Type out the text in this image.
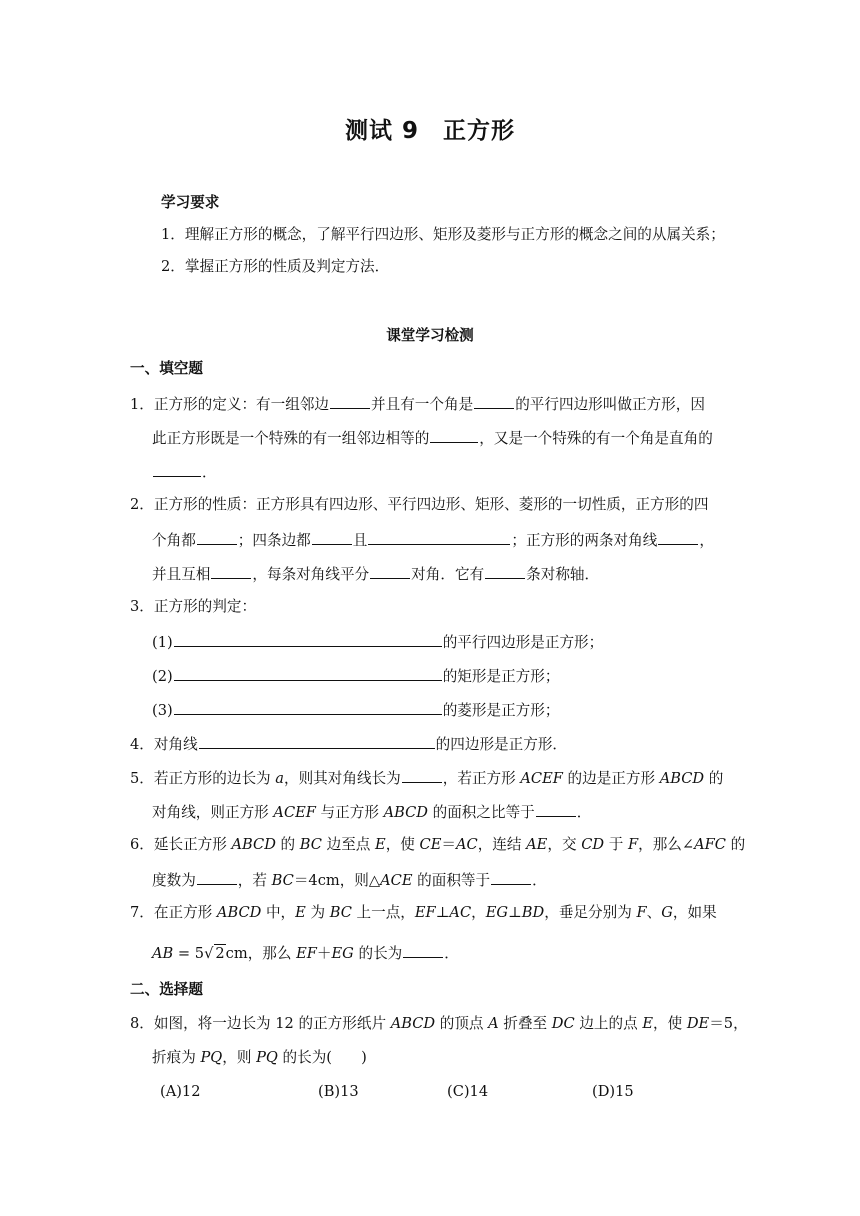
测试 9 正方形
学习要求
1．理解正方形的概念，了解平行四边形、矩形及菱形与正方形的概念之间的从属关系；
2．掌握正方形的性质及判定方法．
课堂学习检测
一、填空题
1．正方形的定义：有一组邻边	并且有一个角是	的平行四边形叫做正方形，因
此正方形既是一个特殊的有一组邻边相等的	，又是一个特殊的有一个角是直角的
．
2．正方形的性质：正方形具有四边形、平行四边形、矩形、菱形的一切性质，正方形的四
个角都	；四条边都	且	；正方形的两条对角线	，
并且互相	，每条对角线平分	对角．它有	条对称轴．
3．正方形的判定：
(1)	的平行四边形是正方形；
(2)	的矩形是正方形；
(3)	的菱形是正方形；
4．对角线	的四边形是正方形．
5．若正方形的边长为 a，则其对角线长为	，若正方形 ACEF 的边是正方形 ABCD 的
对角线，则正方形 ACEF 与正方形 ABCD 的面积之比等于	．
6．延长正方形 ABCD 的 BC 边至点 E，使 CE＝AC，连结 AE，交 CD 于 F，那么∠AFC 的
度数为	，若 BC＝4cm，则△ACE 的面积等于	．
7．在正方形 ABCD 中，E 为 BC 上一点，EF⊥AC，EG⊥BD，垂足分别为 F、G，如果
AB = 5√ 2cm，那么 EF＋EG 的长为	．
二、选择题
8．如图，将一边长为 12 的正方形纸片 ABCD 的顶点 A 折叠至 DC 边上的点 E，使 DE＝5，
折痕为 PQ，则 PQ 的长为(　　)
(A)12	(B)13	(C)14	(D)15
